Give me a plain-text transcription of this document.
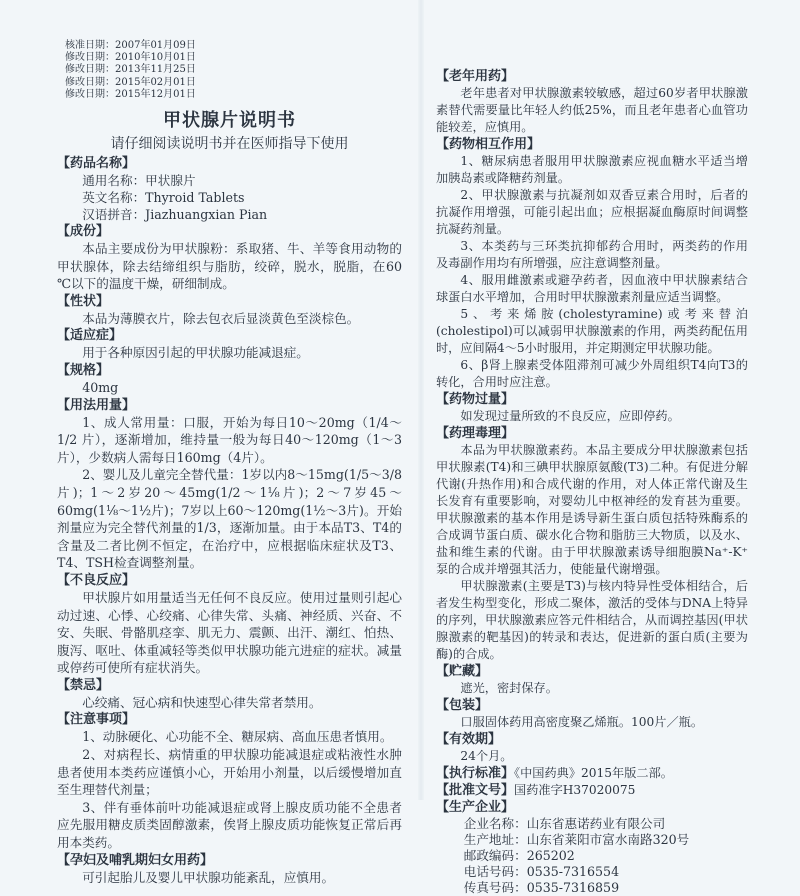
核准日期：2007年01月09日
修改日期：2010年10月01日
修改日期：2013年11月25日
修改日期：2015年02月01日
修改日期：2015年12月01日
甲状腺片说明书
请仔细阅读说明书并在医师指导下使用
【药品名称】
通用名称：甲状腺片
英文名称：Thyroid Tablets
汉语拼音：Jiazhuangxian Pian
【成份】
本品主要成份为甲状腺粉：系取猪、牛、羊等食用动物的甲状腺体，除去结缔组织与脂肪，绞碎，脱水，脱脂，在60 ℃以下的温度干燥，研细制成。
【性状】
本品为薄膜衣片，除去包衣后显淡黄色至淡棕色。
【适应症】
用于各种原因引起的甲状腺功能减退症。
【规格】
40mg
【用法用量】
1、成人常用量：口服，开始为每日10～20mg（1/4～1/2 片），逐渐增加，维持量一般为每日40～120mg（1～3片），少数病人需每日160mg（4片）。
2、婴儿及儿童完全替代量：1岁以内8～15mg(1/5～3/8片)；1～2岁20～45mg(1/2～1⅛片)；2～7岁45～60mg(1⅛～1½片)；7岁以上60～120mg(1½～3片)。开始剂量应为完全替代剂量的1/3，逐渐加量。由于本品T3、T4的含量及二者比例不恒定，在治疗中，应根据临床症状及T3、T4、TSH检查调整剂量。
【不良反应】
甲状腺片如用量适当无任何不良反应。使用过量则引起心动过速、心悸、心绞痛、心律失常、头痛、神经质、兴奋、不安、失眠、骨骼肌痉挛、肌无力、震颤、出汗、潮红、怕热、腹泻、呕吐、体重减轻等类似甲状腺功能亢进症的症状。减量或停药可使所有症状消失。
【禁忌】
心绞痛、冠心病和快速型心律失常者禁用。
【注意事项】
1、动脉硬化、心功能不全、糖尿病、高血压患者慎用。
2、对病程长、病情重的甲状腺功能减退症或粘液性水肿患者使用本类药应谨慎小心，开始用小剂量，以后缓慢增加直至生理替代剂量；
3、伴有垂体前叶功能减退症或肾上腺皮质功能不全患者应先服用糖皮质类固醇激素，俟肾上腺皮质功能恢复正常后再用本类药。
【孕妇及哺乳期妇女用药】
可引起胎儿及婴儿甲状腺功能紊乱，应慎用。
【老年用药】
老年患者对甲状腺激素较敏感，超过60岁者甲状腺激素替代需要量比年轻人约低25%，而且老年患者心血管功能较差，应慎用。
【药物相互作用】
1、糖尿病患者服用甲状腺激素应视血糖水平适当增加胰岛素或降糖药剂量。
2、甲状腺激素与抗凝剂如双香豆素合用时，后者的抗凝作用增强，可能引起出血；应根据凝血酶原时间调整抗凝药剂量。
3、本类药与三环类抗抑郁药合用时，两类药的作用及毒副作用均有所增强，应注意调整剂量。
4、服用雌激素或避孕药者，因血液中甲状腺素结合球蛋白水平增加，合用时甲状腺激素剂量应适当调整。
5、考来烯胺(cholestyramine)或考来替泊(cholestipol)可以减弱甲状腺激素的作用，两类药配伍用时，应间隔4～5小时服用，并定期测定甲状腺功能。
6、β肾上腺素受体阻滞剂可减少外周组织T4向T3的转化，合用时应注意。
【药物过量】
如发现过量所致的不良反应，应即停药。
【药理毒理】
本品为甲状腺激素药。本品主要成分甲状腺激素包括甲状腺素(T4)和三碘甲状腺原氨酸(T3)二种。有促进分解代谢(升热作用)和合成代谢的作用，对人体正常代谢及生长发育有重要影响，对婴幼儿中枢神经的发育甚为重要。甲状腺激素的基本作用是诱导新生蛋白质包括特殊酶系的合成调节蛋白质、碳水化合物和脂肪三大物质，以及水、盐和维生素的代谢。由于甲状腺激素诱导细胞膜Na⁺-K⁺泵的合成并增强其活力，使能量代谢增强。
甲状腺激素(主要是T3)与核内特异性受体相结合，后者发生构型变化，形成二聚体，激活的受体与DNA上特异的序列，甲状腺激素应答元件相结合，从而调控基因(甲状腺激素的靶基因)的转录和表达，促进新的蛋白质(主要为酶)的合成。
【贮藏】
遮光，密封保存。
【包装】
口服固体药用高密度聚乙烯瓶。100片／瓶。
【有效期】
24个月。
【执行标准】《中国药典》2015年版二部。
【批准文号】国药准字H37020075
【生产企业】
企业名称：山东省惠诺药业有限公司
生产地址：山东省莱阳市富水南路320号
邮政编码：265202
电话号码：0535-7316554
传真号码：0535-7316859
